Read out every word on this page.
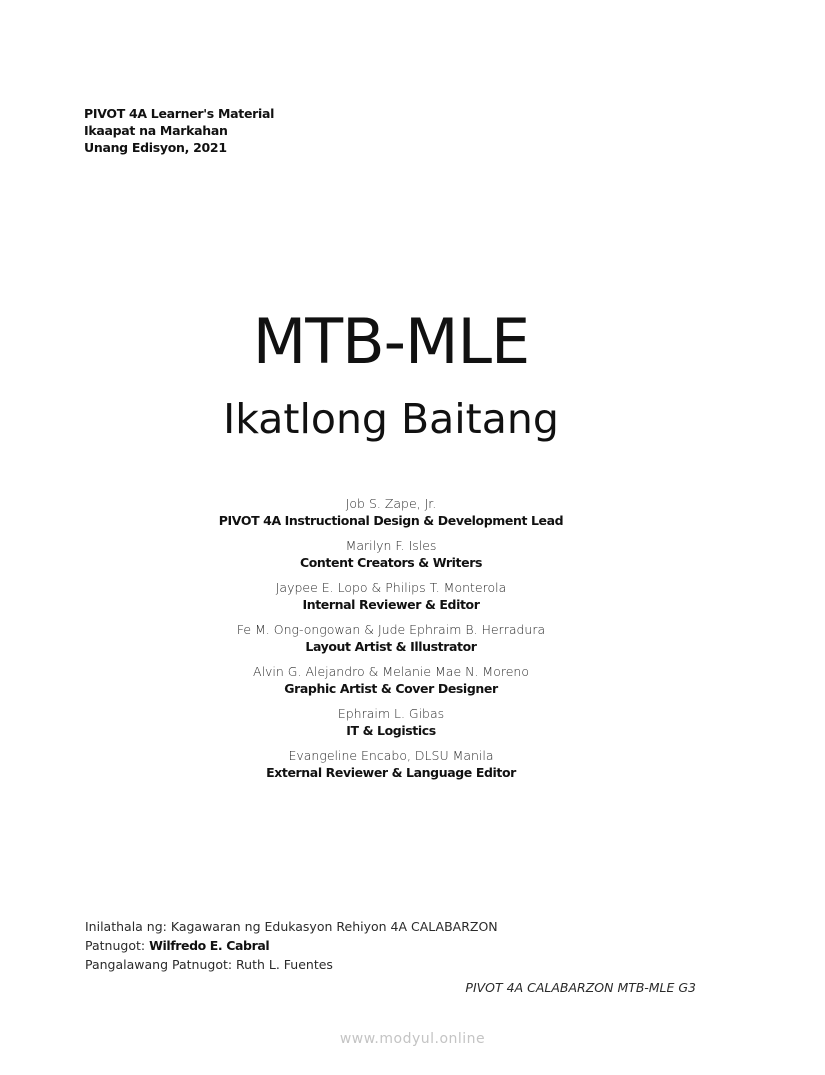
PIVOT 4A Learner's Material
Ikaapat na Markahan
Unang Edisyon, 2021
MTB-MLE
Ikatlong Baitang
Job S. Zape, Jr.
PIVOT 4A Instructional Design & Development Lead
Marilyn F. Isles
Content Creators & Writers
Jaypee E. Lopo & Philips T. Monterola
Internal Reviewer & Editor
Fe M. Ong-ongowan & Jude Ephraim B. Herradura
Layout Artist & Illustrator
Alvin G. Alejandro & Melanie Mae N. Moreno
Graphic Artist & Cover Designer
Ephraim L. Gibas
IT & Logistics
Evangeline Encabo, DLSU Manila
External Reviewer & Language Editor
Inilathala ng: Kagawaran ng Edukasyon Rehiyon 4A CALABARZON
Patnugot: Wilfredo E. Cabral
Pangalawang Patnugot: Ruth L. Fuentes
PIVOT 4A CALABARZON MTB-MLE G3
www.modyul.online
